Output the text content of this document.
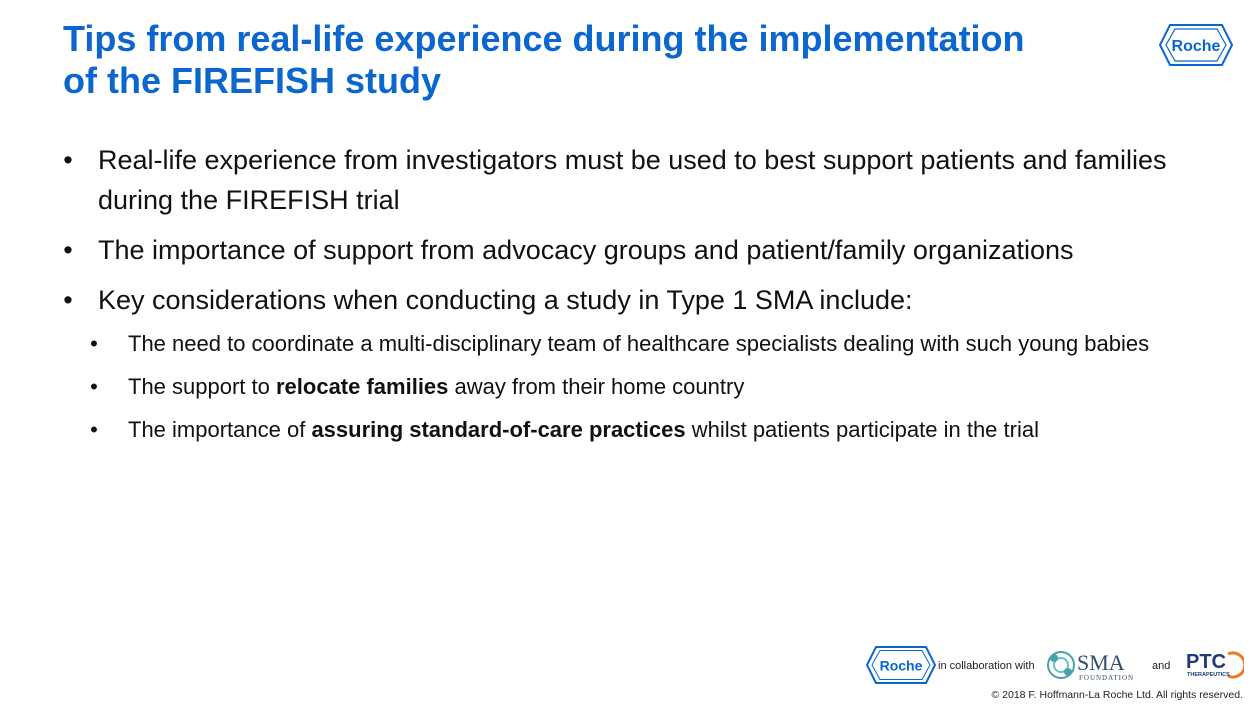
Tips from real-life experience during the implementation
of the FIREFISH study
Roche
• Real-life experience from investigators must be used to best support patients and families during the FIREFISH trial
• The importance of support from advocacy groups and patient/family organizations
• Key considerations when conducting a study in Type 1 SMA include:
• The need to coordinate a multi-disciplinary team of healthcare specialists dealing with such young babies
• The support to relocate families away from their home country
• The importance of assuring standard-of-care practices whilst patients participate in the trial
Roche in collaboration with SMA
FOUNDATION
and PTC
THERAPEUTICS
© 2018 F. Hoffmann-La Roche Ltd. All rights reserved.
